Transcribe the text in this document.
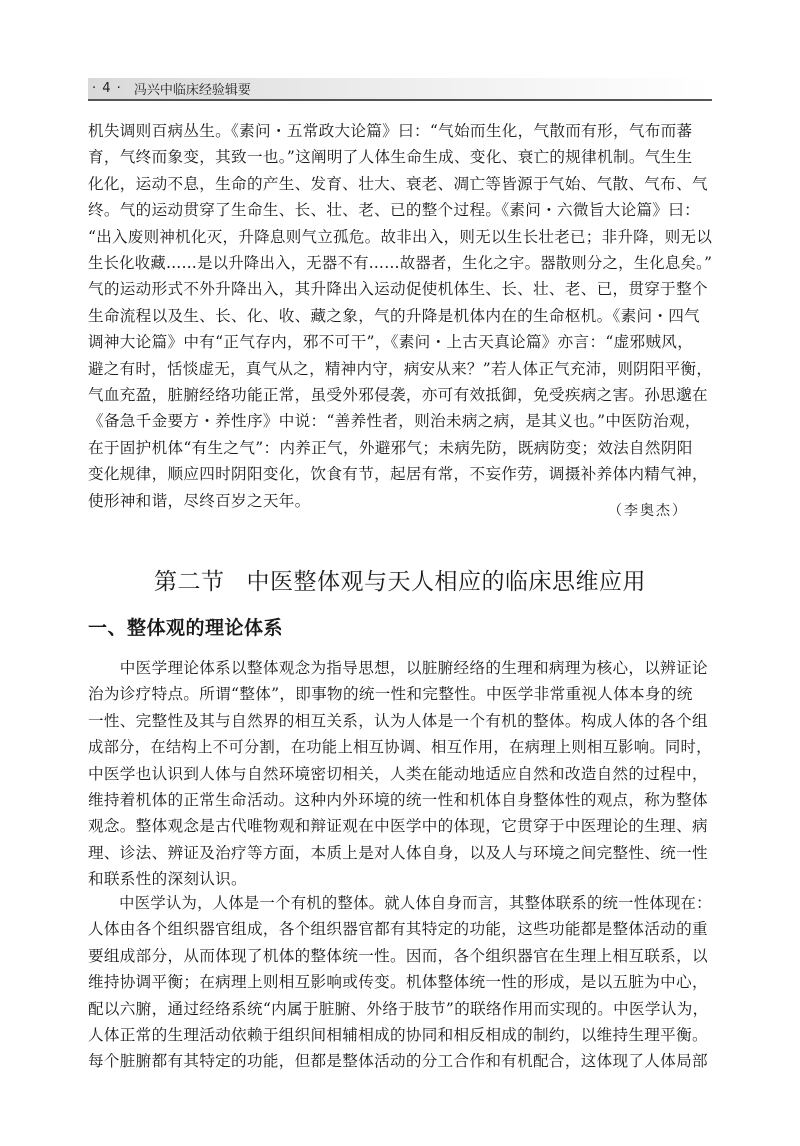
· 4 · 冯兴中临床经验辑要
机失调则百病丛生。《素问・五常政大论篇》曰：“气始而生化，气散而有形，气布而蕃
育，气终而象变，其致一也。”这阐明了人体生命生成、变化、衰亡的规律机制。气生生
化化，运动不息，生命的产生、发育、壮大、衰老、凋亡等皆源于气始、气散、气布、气
终。气的运动贯穿了生命生、长、壮、老、已的整个过程。《素问・六微旨大论篇》曰：
“出入废则神机化灭，升降息则气立孤危。故非出入，则无以生长壮老已；非升降，则无以
生长化收藏……是以升降出入，无器不有……故器者，生化之宇。器散则分之，生化息矣。”
气的运动形式不外升降出入，其升降出入运动促使机体生、长、壮、老、已，贯穿于整个
生命流程以及生、长、化、收、藏之象，气的升降是机体内在的生命枢机。《素问・四气
调神大论篇》中有“正气存内，邪不可干”，《素问・上古天真论篇》亦言：“虚邪贼风，
避之有时，恬惔虚无，真气从之，精神内守，病安从来？”若人体正气充沛，则阴阳平衡，
气血充盈，脏腑经络功能正常，虽受外邪侵袭，亦可有效抵御，免受疾病之害。孙思邈在
《备急千金要方・养性序》中说：“善养性者，则治未病之病，是其义也。”中医防治观，
在于固护机体“有生之气”：内养正气，外避邪气；未病先防，既病防变；效法自然阴阳
变化规律，顺应四时阴阳变化，饮食有节，起居有常，不妄作劳，调摄补养体内精气神，
使形神和谐，尽终百岁之天年。
（李奥杰）
第二节 中医整体观与天人相应的临床思维应用
一、整体观的理论体系
　　中医学理论体系以整体观念为指导思想，以脏腑经络的生理和病理为核心，以辨证论
治为诊疗特点。所谓“整体”，即事物的统一性和完整性。中医学非常重视人体本身的统
一性、完整性及其与自然界的相互关系，认为人体是一个有机的整体。构成人体的各个组
成部分，在结构上不可分割，在功能上相互协调、相互作用，在病理上则相互影响。同时，
中医学也认识到人体与自然环境密切相关，人类在能动地适应自然和改造自然的过程中，
维持着机体的正常生命活动。这种内外环境的统一性和机体自身整体性的观点，称为整体
观念。整体观念是古代唯物观和辩证观在中医学中的体现，它贯穿于中医理论的生理、病
理、诊法、辨证及治疗等方面，本质上是对人体自身，以及人与环境之间完整性、统一性
和联系性的深刻认识。
　　中医学认为，人体是一个有机的整体。就人体自身而言，其整体联系的统一性体现在：
人体由各个组织器官组成，各个组织器官都有其特定的功能，这些功能都是整体活动的重
要组成部分，从而体现了机体的整体统一性。因而，各个组织器官在生理上相互联系，以
维持协调平衡；在病理上则相互影响或传变。机体整体统一性的形成，是以五脏为中心，
配以六腑，通过经络系统“内属于脏腑、外络于肢节”的联络作用而实现的。中医学认为，
人体正常的生理活动依赖于组织间相辅相成的协同和相反相成的制约，以维持生理平衡。
每个脏腑都有其特定的功能，但都是整体活动的分工合作和有机配合，这体现了人体局部
